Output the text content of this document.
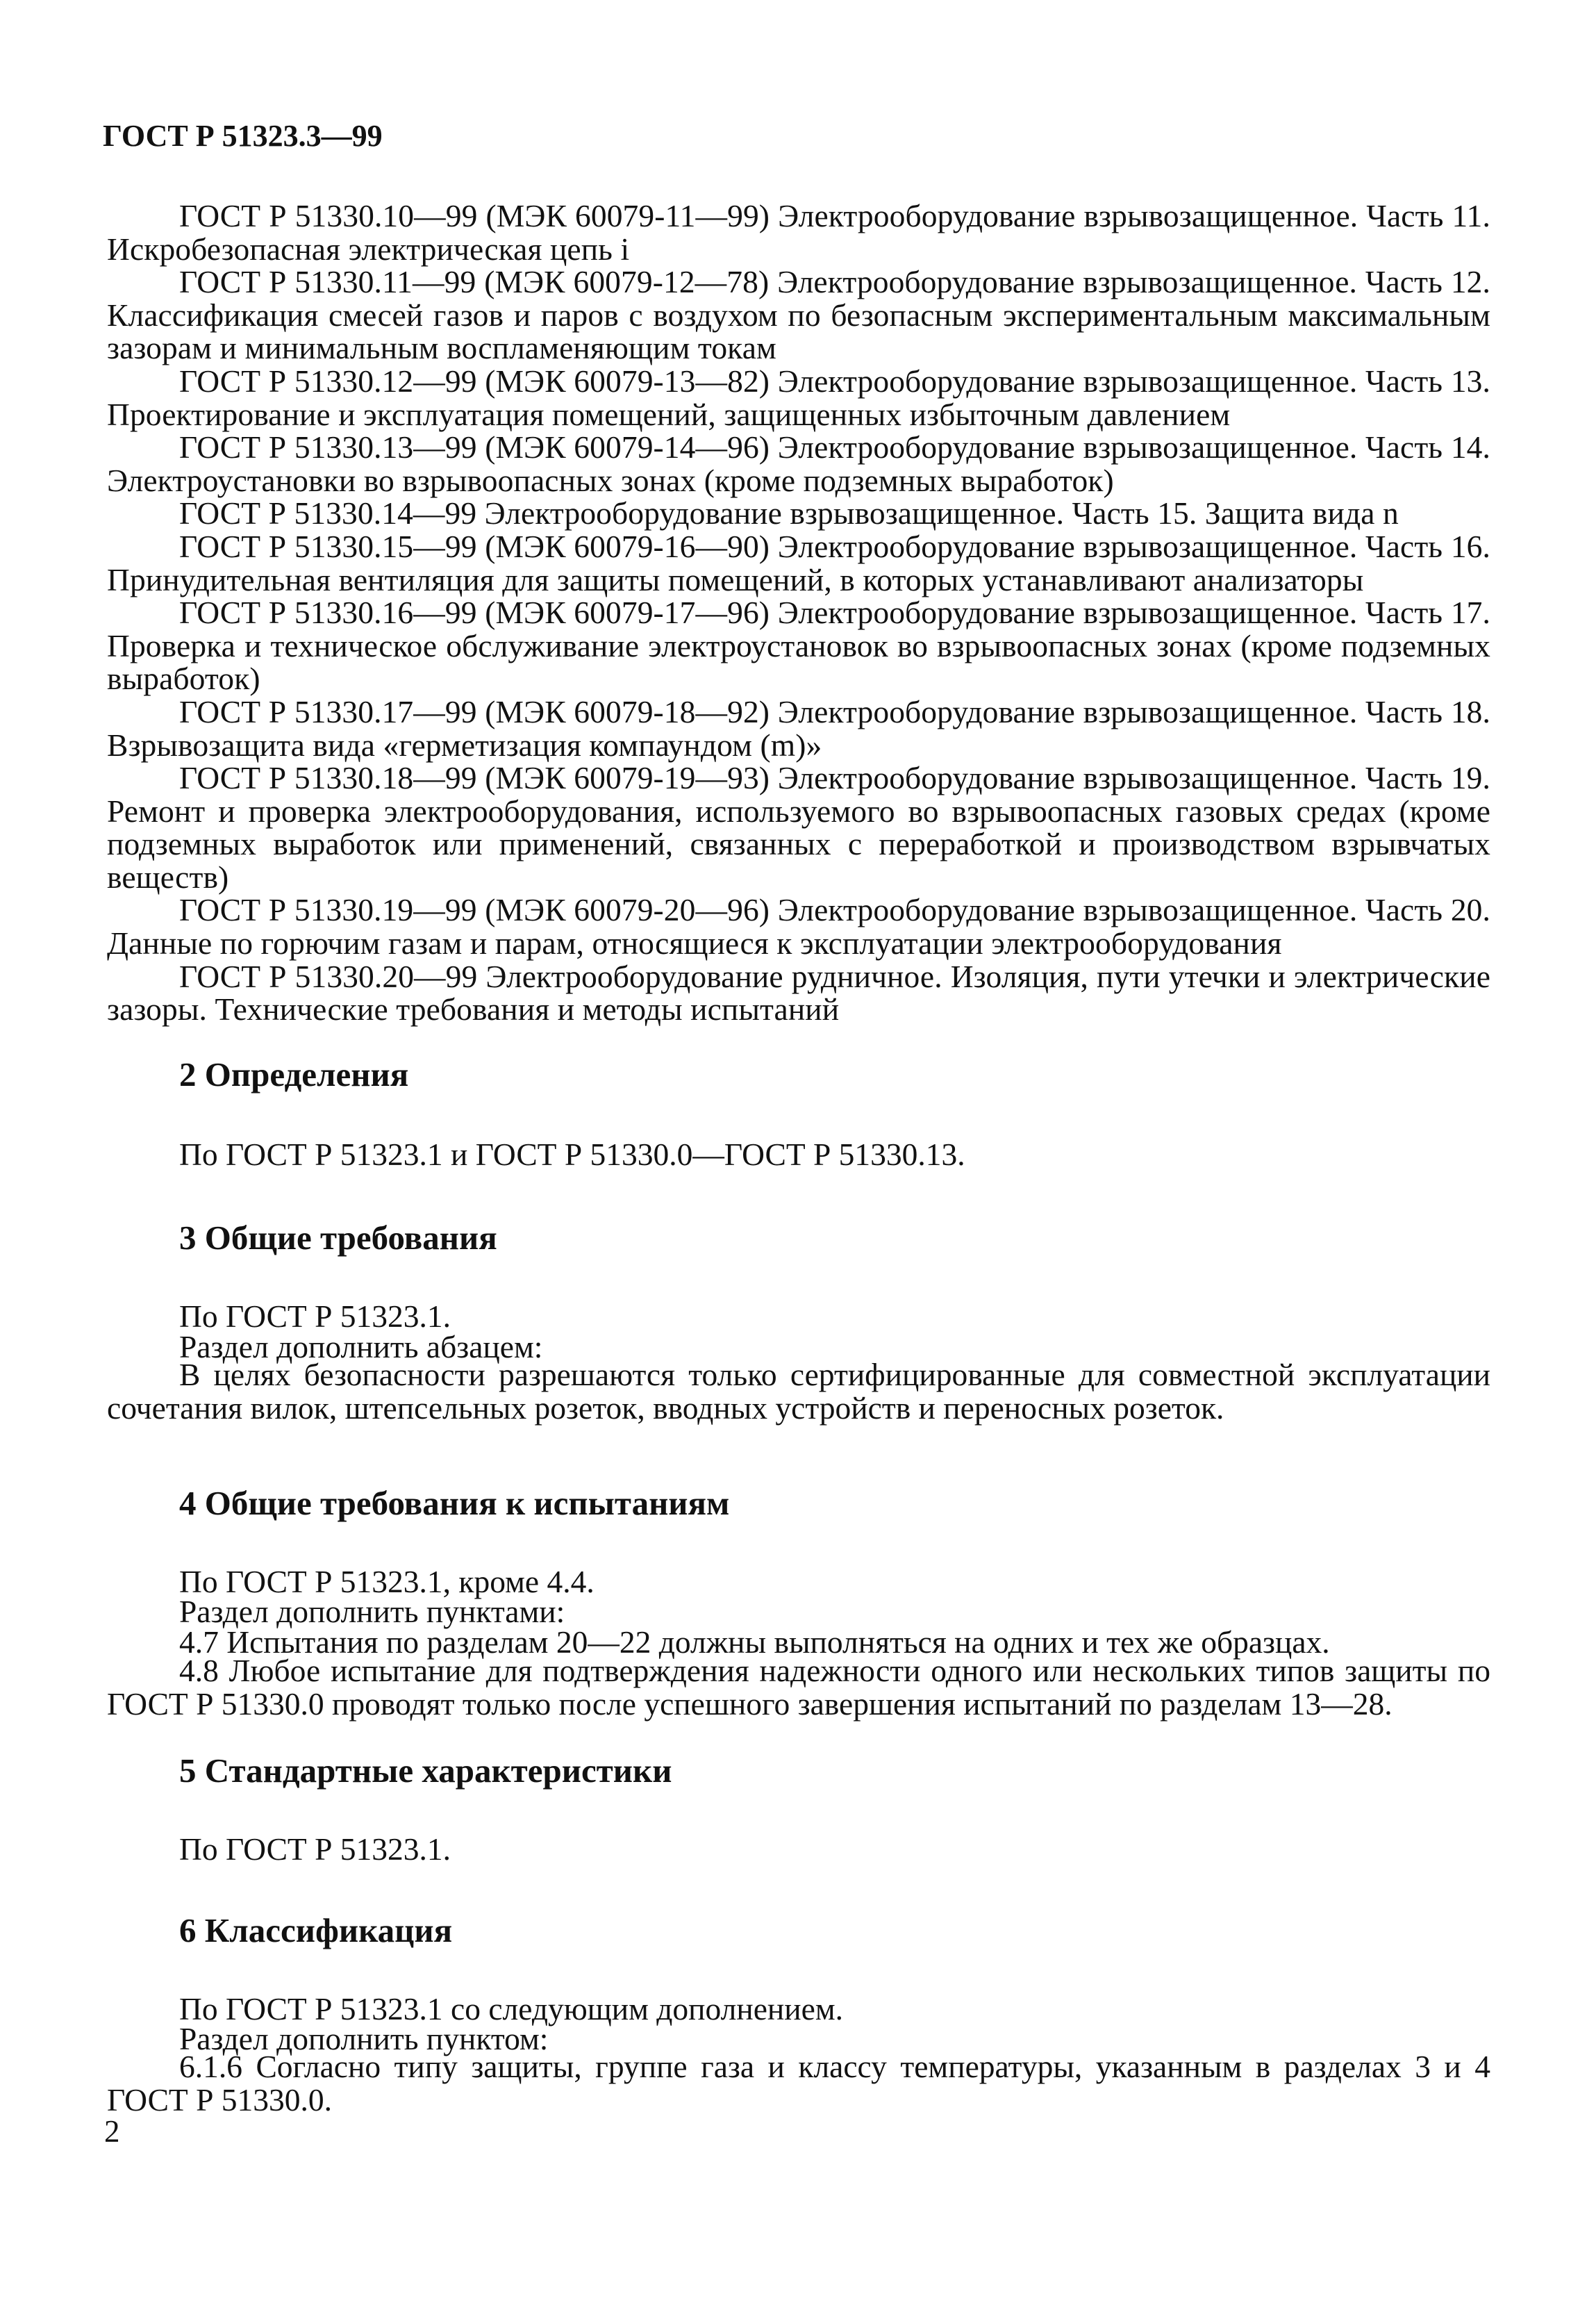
ГОСТ Р 51323.3—99

ГОСТ Р 51330.10—99 (МЭК 60079-11—99) Электрооборудование взрывозащищенное. Часть 11. Искробезопасная электрическая цепь i

ГОСТ Р 51330.11—99 (МЭК 60079-12—78) Электрооборудование взрывозащищенное. Часть 12. Классификация смесей газов и паров с воздухом по безопасным экспериментальным максимальным зазорам и минимальным воспламеняющим токам

ГОСТ Р 51330.12—99 (МЭК 60079-13—82) Электрооборудование взрывозащищенное. Часть 13. Проектирование и эксплуатация помещений, защищенных избыточным давлением

ГОСТ Р 51330.13—99 (МЭК 60079-14—96) Электрооборудование взрывозащищенное. Часть 14. Электроустановки во взрывоопасных зонах (кроме подземных выработок)

ГОСТ Р 51330.14—99 Электрооборудование взрывозащищенное. Часть 15. Защита вида n

ГОСТ Р 51330.15—99 (МЭК 60079-16—90) Электрооборудование взрывозащищенное. Часть 16. Принудительная вентиляция для защиты помещений, в которых устанавливают анализаторы

ГОСТ Р 51330.16—99 (МЭК 60079-17—96) Электрооборудование взрывозащищенное. Часть 17. Проверка и техническое обслуживание электроустановок во взрывоопасных зонах (кроме подземных выработок)

ГОСТ Р 51330.17—99 (МЭК 60079-18—92) Электрооборудование взрывозащищенное. Часть 18. Взрывозащита вида «герметизация компаундом (m)»

ГОСТ Р 51330.18—99 (МЭК 60079-19—93) Электрооборудование взрывозащищенное. Часть 19. Ремонт и проверка электрооборудования, используемого во взрывоопасных газовых средах (кроме подземных выработок или применений, связанных с переработкой и производством взрывчатых веществ)

ГОСТ Р 51330.19—99 (МЭК 60079-20—96) Электрооборудование взрывозащищенное. Часть 20. Данные по горючим газам и парам, относящиеся к эксплуатации электрооборудования

ГОСТ Р 51330.20—99 Электрооборудование рудничное. Изоляция, пути утечки и электрические зазоры. Технические требования и методы испытаний

2 Определения
По ГОСТ Р 51323.1 и ГОСТ Р 51330.0—ГОСТ Р 51330.13.
3 Общие требования
По ГОСТ Р 51323.1.
Раздел дополнить абзацем:

В целях безопасности разрешаются только сертифицированные для совместной эксплуатации сочетания вилок, штепсельных розеток, вводных устройств и переносных розеток.

4 Общие требования к испытаниям
По ГОСТ Р 51323.1, кроме 4.4.
Раздел дополнить пунктами:
4.7 Испытания по разделам 20—22 должны выполняться на одних и тех же образцах.

4.8 Любое испытание для подтверждения надежности одного или нескольких типов защиты по ГОСТ Р 51330.0 проводят только после успешного завершения испытаний по разделам 13—28.

5 Стандартные характеристики
По ГОСТ Р 51323.1.
6 Классификация
По ГОСТ Р 51323.1 со следующим дополнением.
Раздел дополнить пунктом:

6.1.6 Согласно типу защиты, группе газа и классу температуры, указанным в разделах 3 и 4 ГОСТ Р 51330.0.

2
